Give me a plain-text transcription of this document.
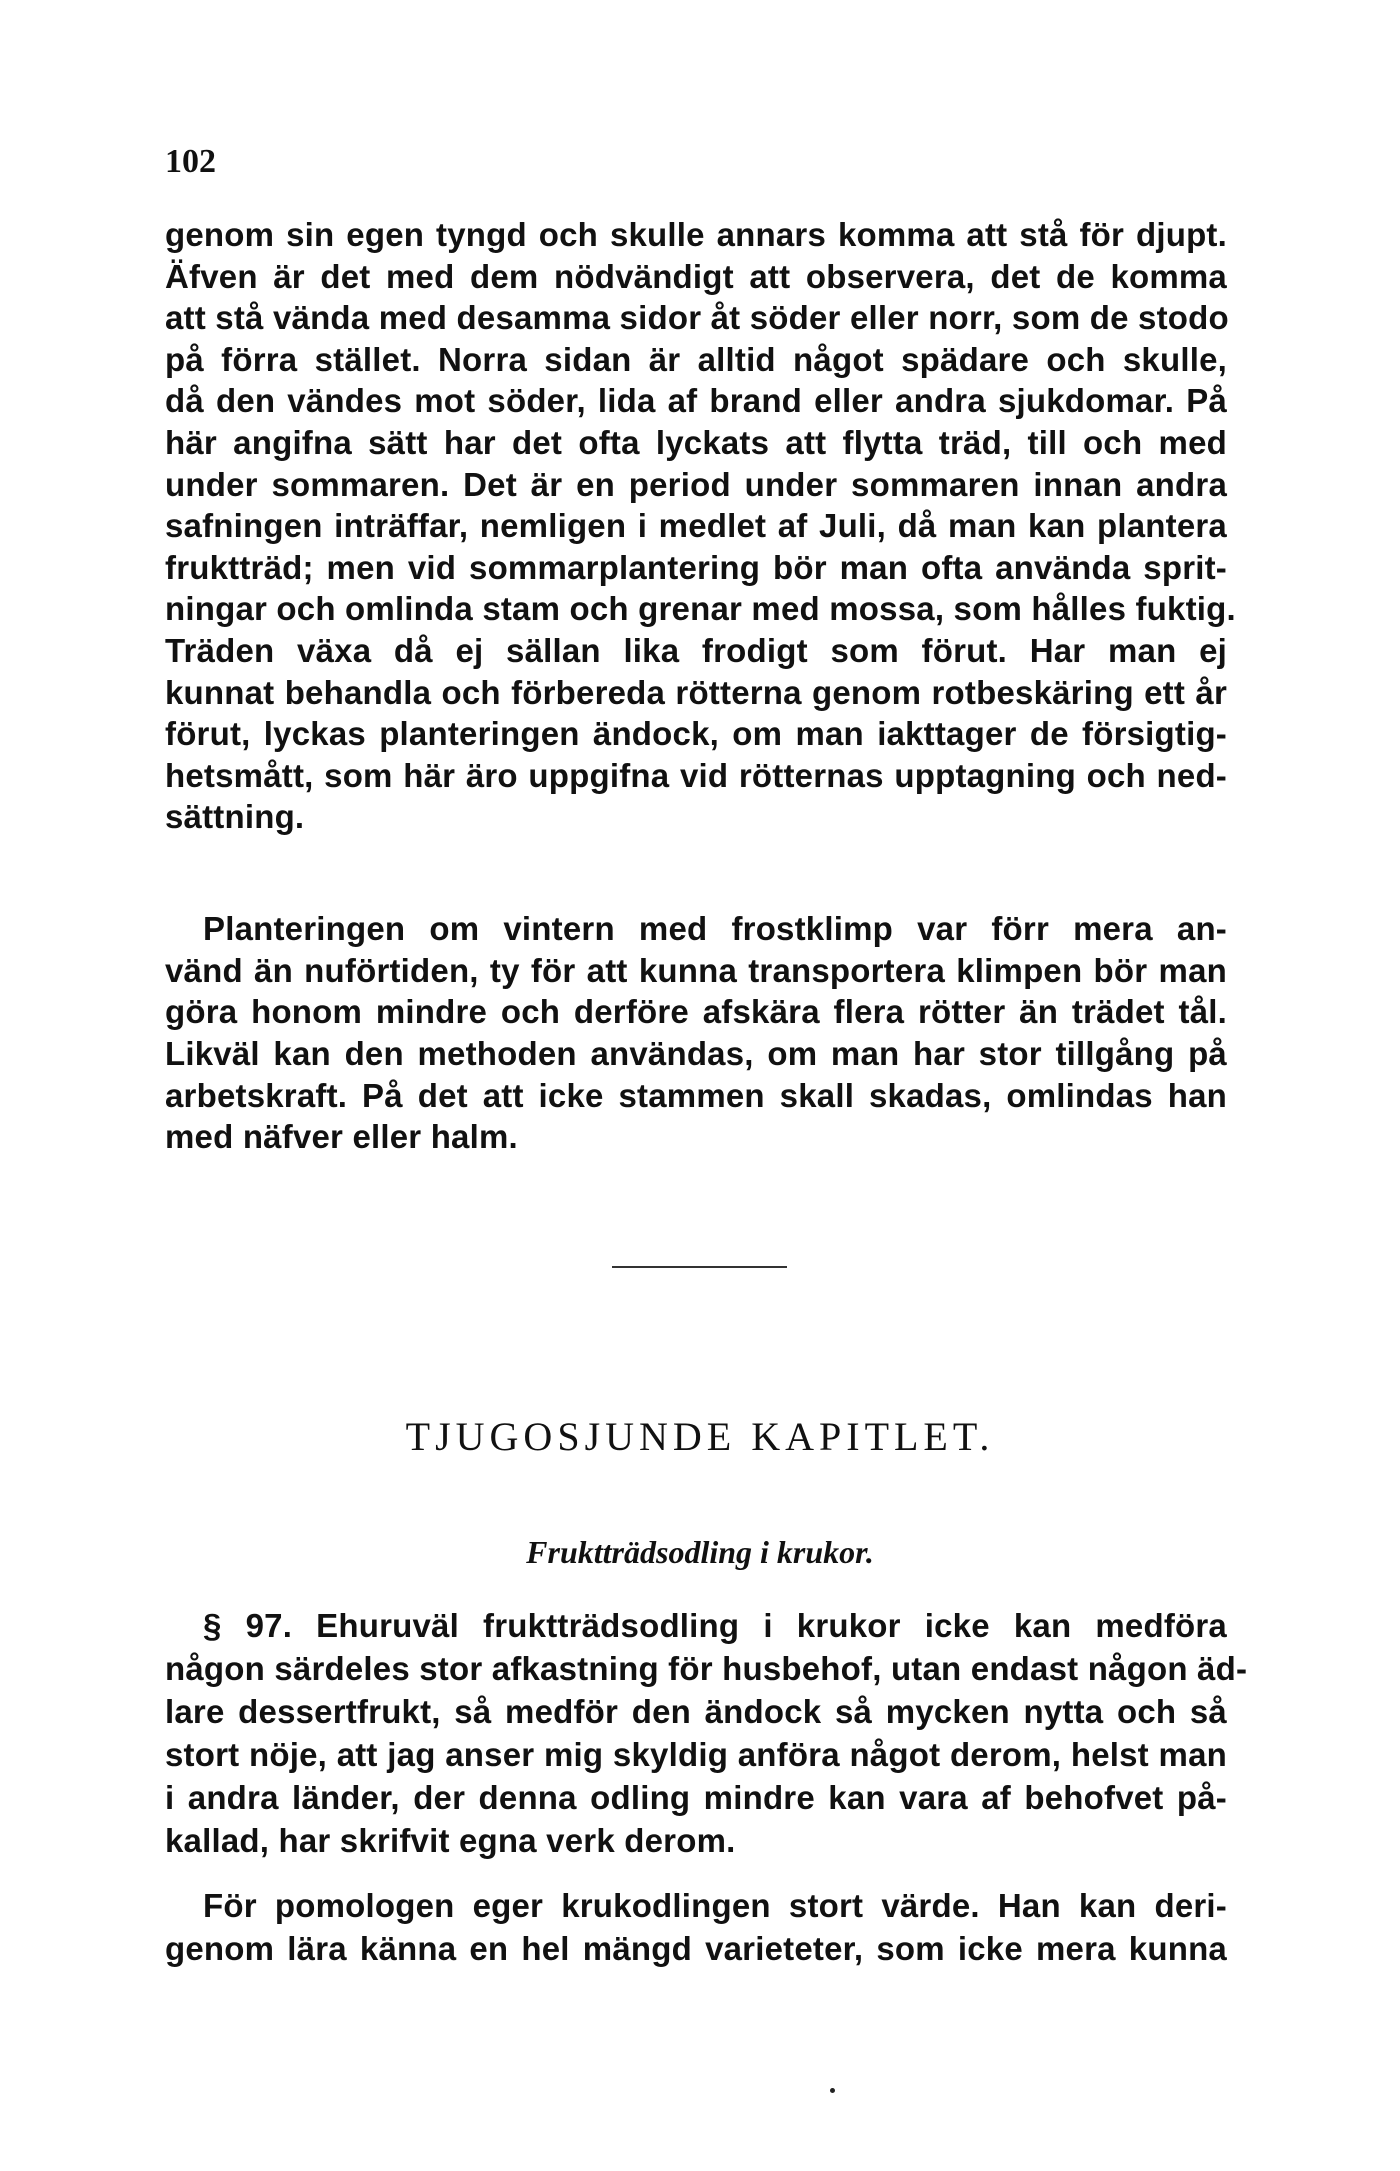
102
genom sin egen tyngd och skulle annars komma att stå för djupt.
Äfven är det med dem nödvändigt att observera, det de komma
att stå vända med desamma sidor åt söder eller norr, som de stodo
på förra stället. Norra sidan är alltid något spädare och skulle,
då den vändes mot söder, lida af brand eller andra sjukdomar. På
här angifna sätt har det ofta lyckats att flytta träd, till och med
under sommaren. Det är en period under sommaren innan andra
safningen inträffar, nemligen i medlet af Juli, då man kan plantera
fruktträd; men vid sommarplantering bör man ofta använda sprit-
ningar och omlinda stam och grenar med mossa, som hålles fuktig.
Träden växa då ej sällan lika frodigt som förut. Har man ej
kunnat behandla och förbereda rötterna genom rotbeskäring ett år
förut, lyckas planteringen ändock, om man iakttager de försigtig-
hetsmått, som här äro uppgifna vid rötternas upptagning och ned-
sättning.
Planteringen om vintern med frostklimp var förr mera an-
vänd än nuförtiden, ty för att kunna transportera klimpen bör man
göra honom mindre och derföre afskära flera rötter än trädet tål.
Likväl kan den methoden användas, om man har stor tillgång på
arbetskraft. På det att icke stammen skall skadas, omlindas han
med näfver eller halm.
TJUGOSJUNDE KAPITLET.
Fruktträdsodling i krukor.
§ 97. Ehuruväl fruktträdsodling i krukor icke kan medföra
någon särdeles stor afkastning för husbehof, utan endast någon äd-
lare dessertfrukt, så medför den ändock så mycken nytta och så
stort nöje, att jag anser mig skyldig anföra något derom, helst man
i andra länder, der denna odling mindre kan vara af behofvet på-
kallad, har skrifvit egna verk derom.
För pomologen eger krukodlingen stort värde. Han kan deri-
genom lära känna en hel mängd varieteter, som icke mera kunna
